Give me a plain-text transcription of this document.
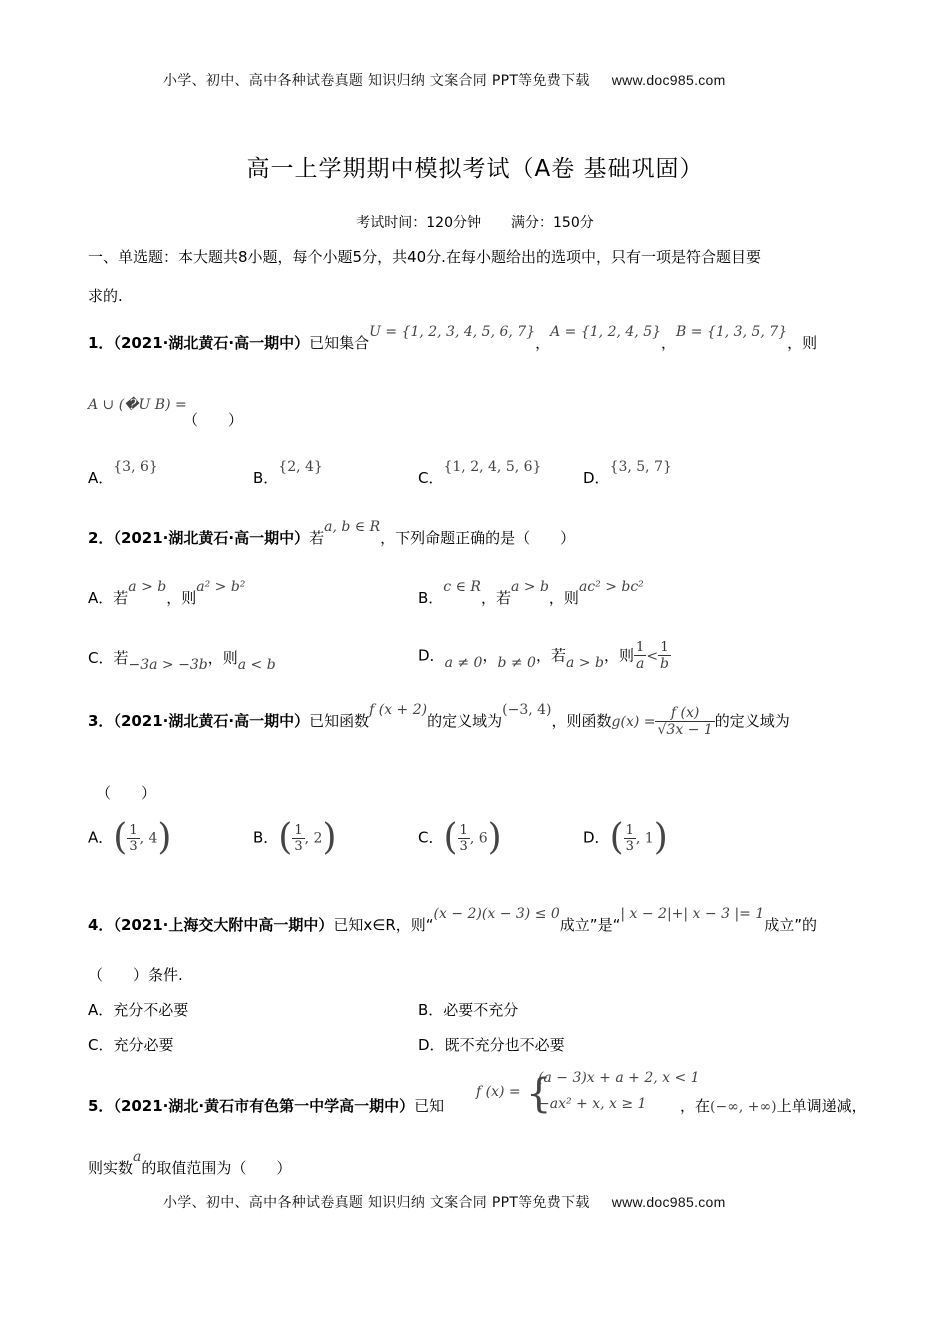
小学、初中、高中各种试卷真题 知识归纳 文案合同 PPT等免费下载 www.doc985.com
高一上学期期中模拟考试（A卷 基础巩固）
考试时间：120分钟 满分：150分
一、单选题：本大题共8小题，每个小题5分，共40分.在每小题给出的选项中，只有一项是符合题目要
求的.
1．（2021·湖北黄石·高一期中）已知集合U = {1, 2, 3, 4, 5, 6, 7}，A = {1, 2, 4, 5}，B = {1, 3, 5, 7}，则
A ∪ (�U B) =
（　　）
A．{3, 6}
B．{2, 4}
C．{1, 2, 4, 5, 6}
D．{3, 5, 7}
2．（2021·湖北黄石·高一期中）若a, b ∈ R，下列命题正确的是（　　）
A．若a > b，则a² > b²
B．c ∈ R，若a > b，则ac² > bc²
C．若−3a > −3b，则a < b
D．a ≠ 0，b ≠ 0，若a > b，则 $\frac{1}{a} < \frac{1}{b}$
3．（2021·湖北黄石·高一期中）已知函数f (x + 2)的定义域为(−3, 4)，则函数$g(x) = \frac{f (x)}{√3x - 1}$ 的定义域为
（　　）
A．( $\frac{1}{3}$ , 4)	B．( $\frac{1}{3}$ , 2)	C．( $\frac{1}{3}$ , 6)	D．( $\frac{1}{3}$ , 1)
4．（2021·上海交大附中高一期中）已知x∈R，则“(x − 2)(x − 3) ≤ 0成立”是“| x − 2|+| x − 3 |= 1成立”的
（　　）条件.
A．充分不必要	B．必要不充分
C．充分必要	D．既不充分也不必要
5．（2021·湖北·黄石市有色第一中学高一期中）已知
f (x) = {
(a − 3)x + a + 2, x < 1
−ax² + x, x ≥ 1 ，在(−∞, +∞)上单调递减，
则实数a的取值范围为（　　）
小学、初中、高中各种试卷真题 知识归纳 文案合同 PPT等免费下载 www.doc985.com
